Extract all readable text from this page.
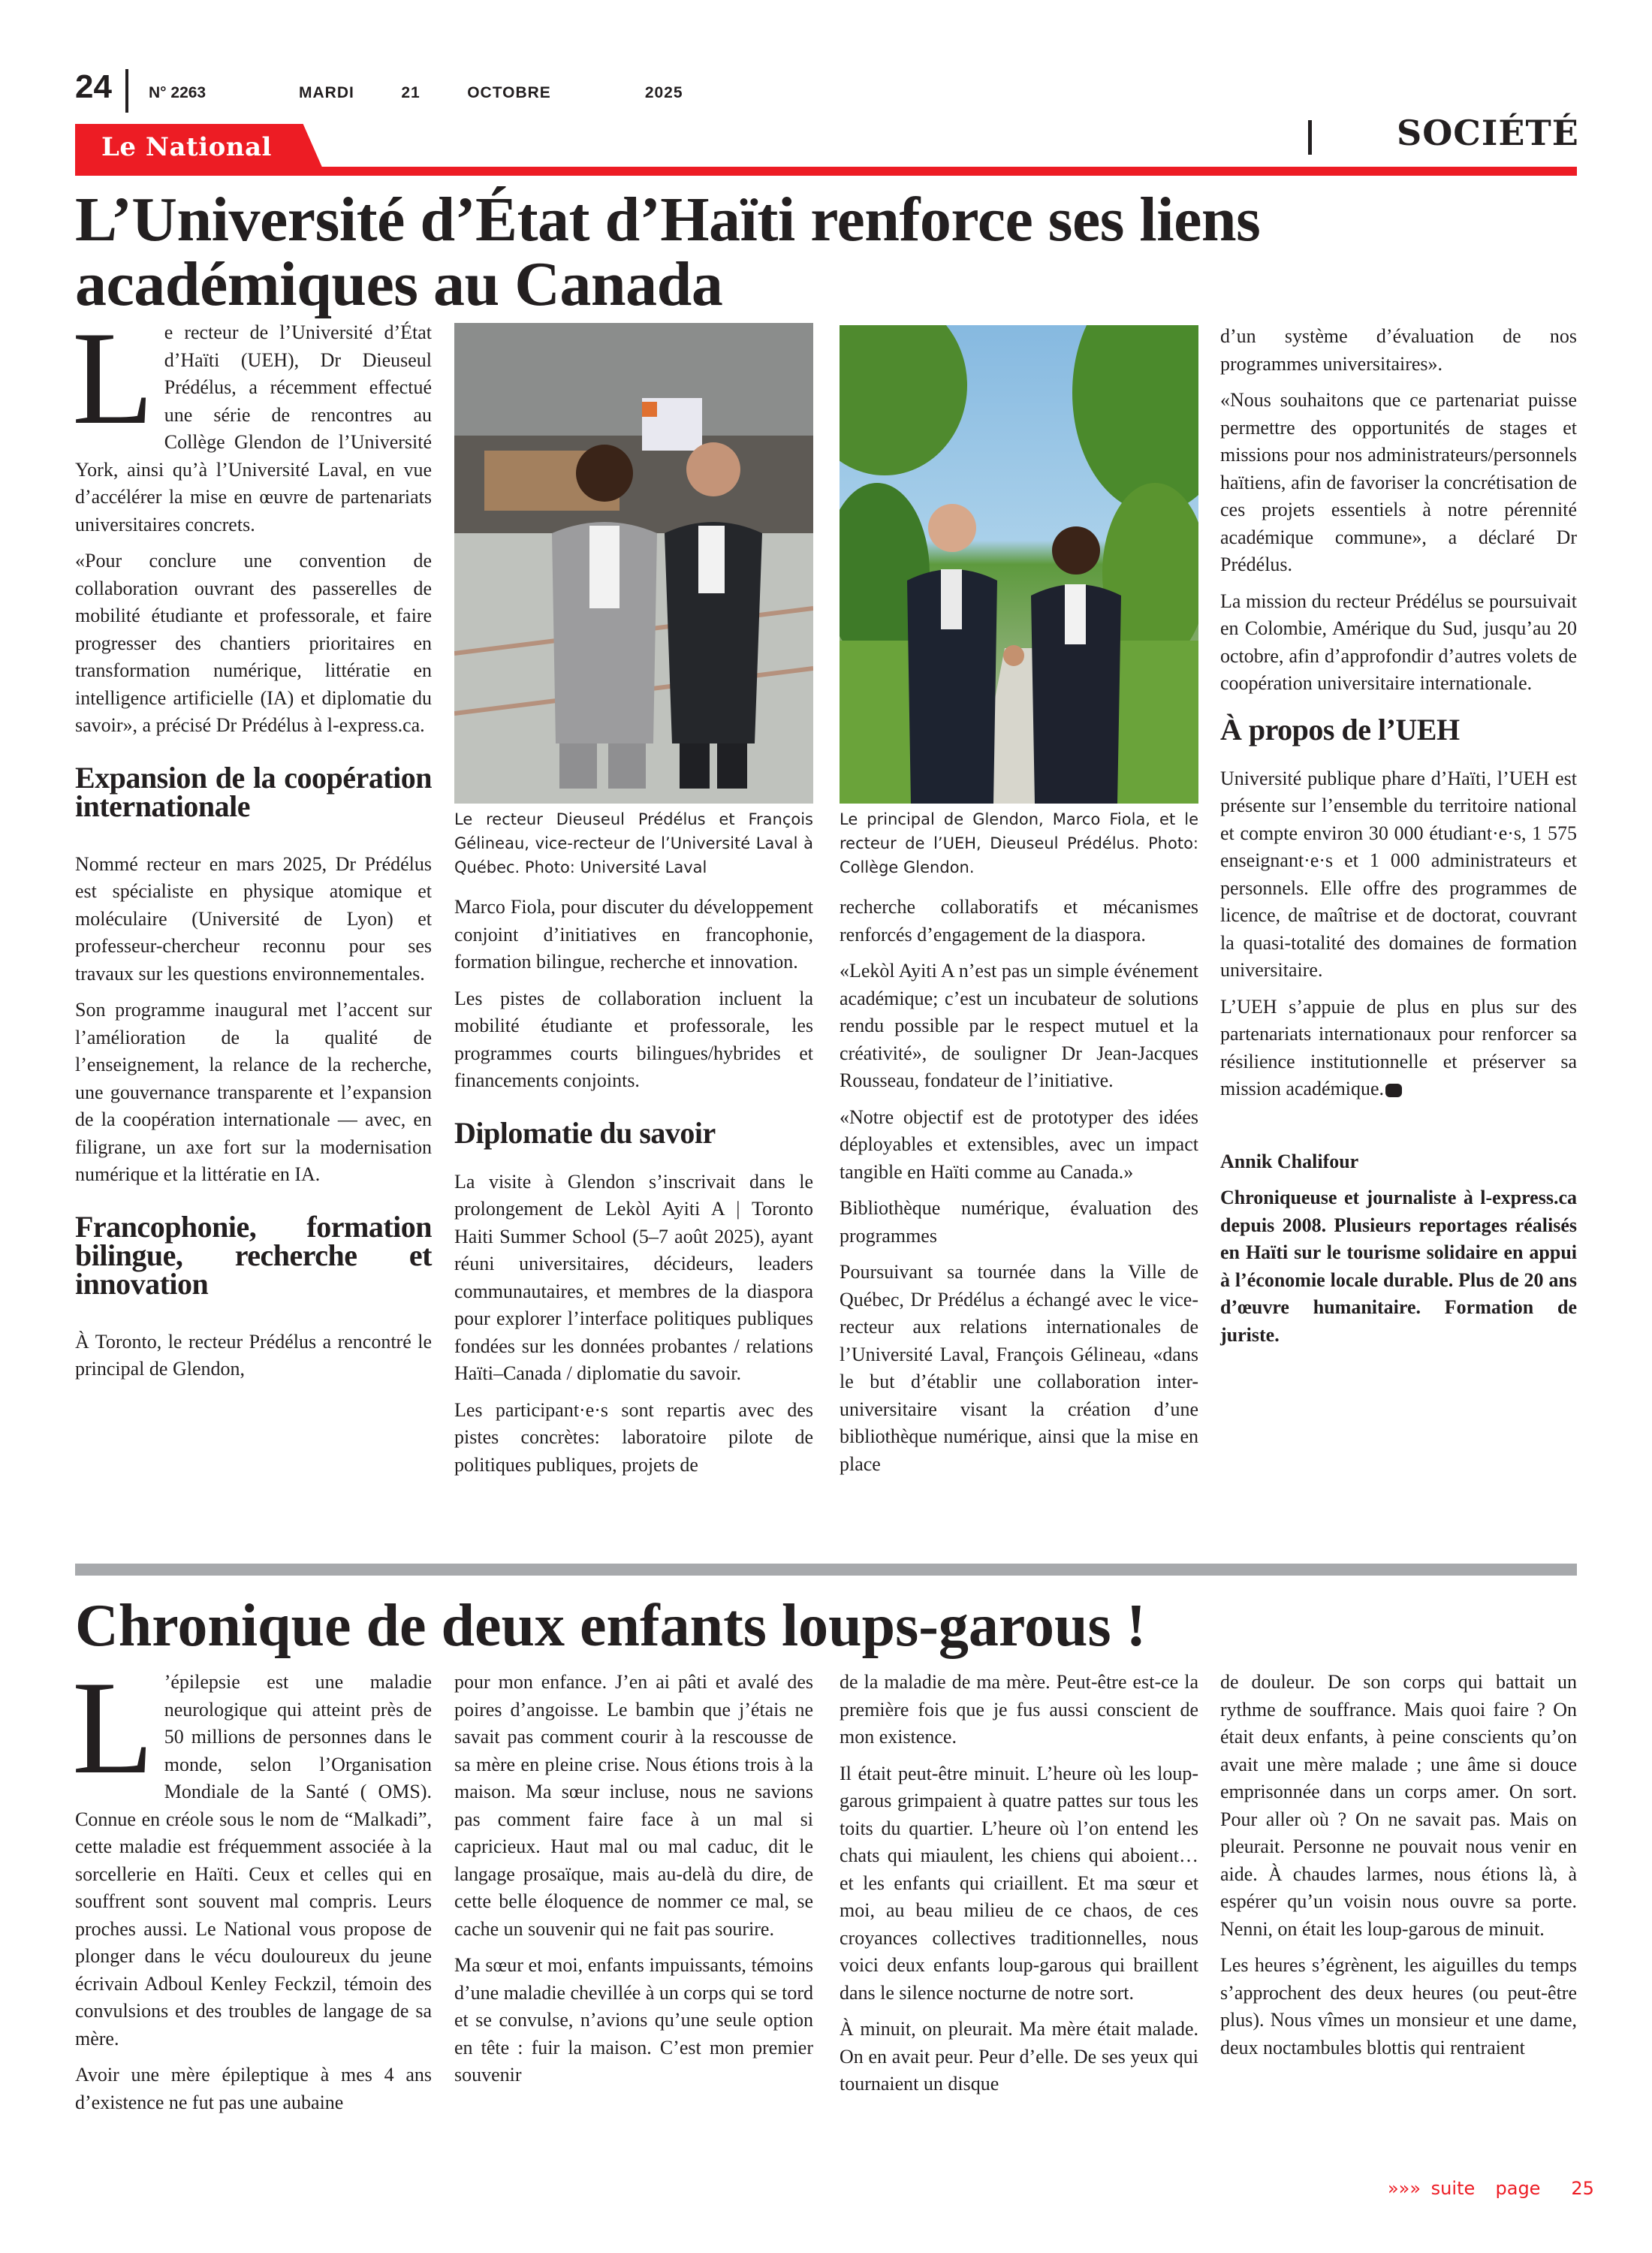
24 N° 2263	MARDI   21   OCTOBRE      2025
Le National	SOCIÉTÉ
L’Université d’État d’Haïti renforce ses liens académiques au Canada

Le recteur de l’Université d’État d’Haïti (UEH), Dr Dieuseul Prédélus, a récemment effectué une série de rencontres au Collège Glendon de l’Université York, ainsi qu’à l’Université Laval, en vue d’accélérer la mise en œuvre de partenariats universitaires concrets.

«Pour conclure une convention de collaboration ouvrant des passerelles de mobilité étudiante et professorale, et faire progresser des chantiers prioritaires en transformation numérique, littératie en intelligence artificielle (IA) et diplomatie du savoir», a précisé Dr Prédélus à l-express.ca.

Expansion de la coopération internationale

Nommé recteur en mars 2025, Dr Prédélus est spécialiste en physique atomique et moléculaire (Université de Lyon) et professeur-chercheur reconnu pour ses travaux sur les questions environnementales.

Son programme inaugural met l’accent sur l’amélioration de la qualité de l’enseignement, la relance de la recherche, une gouvernance transparente et l’expansion de la coopération internationale — avec, en filigrane, un axe fort sur la modernisation numérique et la littératie en IA.

Francophonie, formation bilingue, recherche et innovation

À Toronto, le recteur Prédélus a rencontré le principal de Glendon,

Le recteur Dieuseul Prédélus et François Gélineau, vice-recteur de l’Université Laval à Québec. Photo: Université Laval
Le principal de Glendon, Marco Fiola, et le recteur de l’UEH, Dieuseul Prédélus. Photo: Collège Glendon.

Marco Fiola, pour discuter du développement conjoint d’initiatives en francophonie, formation bilingue, recherche et innovation.

Les pistes de collaboration incluent la mobilité étudiante et professorale, les programmes courts bilingues/hybrides et financements conjoints.

Diplomatie du savoir

La visite à Glendon s’inscrivait dans le prolongement de Lekòl Ayiti A | Toronto Haiti Summer School (5–7 août 2025), ayant réuni universitaires, décideurs, leaders communautaires, et membres de la diaspora pour explorer l’interface politiques publiques fondées sur les données probantes / relations Haïti–Canada / diplomatie du savoir.

Les participant·e·s sont repartis avec des pistes concrètes: laboratoire pilote de politiques publiques, projets de

recherche collaboratifs et mécanismes renforcés d’engagement de la diaspora.

«Lekòl Ayiti A n’est pas un simple événement académique; c’est un incubateur de solutions rendu possible par le respect mutuel et la créativité», de souligner Dr Jean-Jacques Rousseau, fondateur de l’initiative.

«Notre objectif est de prototyper des idées déployables et extensibles, avec un impact tangible en Haïti comme au Canada.»

Bibliothèque numérique, évaluation des programmes

Poursuivant sa tournée dans la Ville de Québec, Dr Prédélus a échangé avec le vice-recteur aux relations internationales de l’Université Laval, François Gélineau, «dans le but d’établir une collaboration inter-universitaire visant la création d’une bibliothèque numérique, ainsi que la mise en place

d’un système d’évaluation de nos programmes universitaires».

«Nous souhaitons que ce partenariat puisse permettre des opportunités de stages et missions pour nos administrateurs/personnels haïtiens, afin de favoriser la concrétisation de ces projets essentiels à notre pérennité académique commune», a déclaré Dr Prédélus.

La mission du recteur Prédélus se poursuivait en Colombie, Amérique du Sud, jusqu’au 20 octobre, afin d’approfondir d’autres volets de coopération universitaire internationale.

À propos de l’UEH

Université publique phare d’Haïti, l’UEH est présente sur l’ensemble du territoire national et compte environ 30 000 étudiant·e·s, 1 575 enseignant·e·s et 1 000 administrateurs et personnels. Elle offre des programmes de licence, de maîtrise et de doctorat, couvrant la quasi-totalité des domaines de formation universitaire.

L’UEH s’appuie de plus en plus sur des partenariats internationaux pour renforcer sa résilience institutionnelle et préserver sa mission académique.

Annik Chalifour

Chroniqueuse et journaliste à l-express.ca depuis 2008. Plusieurs reportages réalisés en Haïti sur le tourisme solidaire en appui à l’économie locale durable. Plus de 20 ans d’œuvre humanitaire. Formation de juriste.

Chronique de deux enfants loups-garous !

L ’épilepsie est une maladie neurologique qui atteint près de 50 millions de personnes dans le monde, selon l’Organisation Mondiale de la Santé ( OMS). Connue en créole sous le nom de “Malkadi”, cette maladie est fréquemment associée à la sorcellerie en Haïti. Ceux et celles qui en souffrent sont souvent mal compris. Leurs proches aussi. Le National vous propose de plonger dans le vécu douloureux du jeune écrivain Adboul Kenley Feckzil, témoin des convulsions et des troubles de langage de sa mère.

Avoir une mère épileptique à mes 4 ans d’existence ne fut pas une aubaine

pour mon enfance. J’en ai pâti et avalé des poires d’angoisse. Le bambin que j’étais ne savait pas comment courir à la rescousse de sa mère en pleine crise. Nous étions trois à la maison. Ma sœur incluse, nous ne savions pas comment faire face à un mal si capricieux. Haut mal ou mal caduc, dit le langage prosaïque, mais au-delà du dire, de cette belle éloquence de nommer ce mal, se cache un souvenir qui ne fait pas sourire.

Ma sœur et moi, enfants impuissants, témoins d’une maladie chevillée à un corps qui se tord et se convulse, n’avions qu’une seule option en tête : fuir la maison. C’est mon premier souvenir

de la maladie de ma mère. Peut-être est-ce la première fois que je fus aussi conscient de mon existence.

Il était peut-être minuit. L’heure où les loup-garous grimpaient à quatre pattes sur tous les toits du quartier. L’heure où l’on entend les chats qui miaulent, les chiens qui aboient… et les enfants qui criaillent. Et ma sœur et moi, au beau milieu de ce chaos, de ces croyances collectives traditionnelles, nous voici deux enfants loup-garous qui braillent dans le silence nocturne de notre sort.

À minuit, on pleurait. Ma mère était malade. On en avait peur. Peur d’elle. De ses yeux qui tournaient un disque

de douleur. De son corps qui battait un rythme de souffrance. Mais quoi faire ? On était deux enfants, à peine conscients qu’on avait une mère malade ; une âme si douce emprisonnée dans un corps amer. On sort. Pour aller où ? On ne savait pas. Mais on pleurait. Personne ne pouvait nous venir en aide. À chaudes larmes, nous étions là, à espérer qu’un voisin nous ouvre sa porte. Nenni, on était les loup-garous de minuit.

Les heures s’égrènent, les aiguilles du temps s’approchent des deux heures (ou peut-être plus). Nous vîmes un monsieur et une dame, deux noctambules blottis qui rentraient

»»» suite  page   25
